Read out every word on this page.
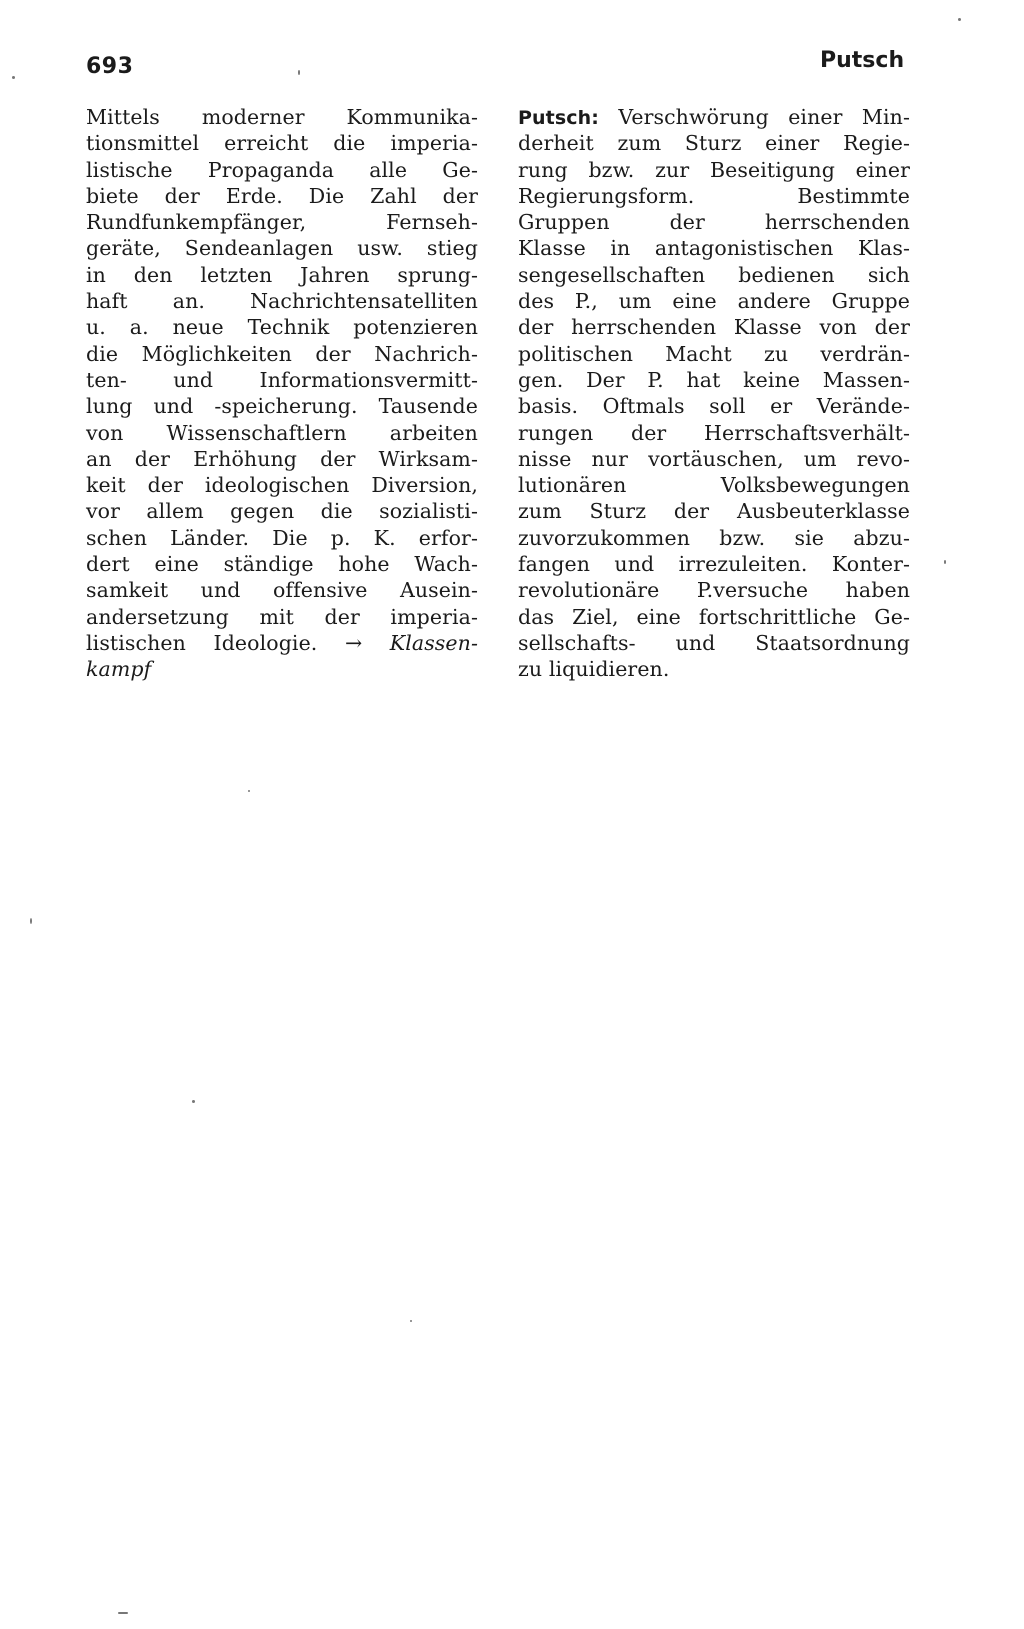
693	Putsch
Mittels moderner Kommunika-
tionsmittel erreicht die imperia-
listische Propaganda alle Ge-
biete der Erde. Die Zahl der
Rundfunkempfänger, Fernseh-
geräte, Sendeanlagen usw. stieg
in den letzten Jahren sprung-
haft an. Nachrichtensatelliten
u. a. neue Technik potenzieren
die Möglichkeiten der Nachrich-
ten- und Informationsvermitt-
lung und -speicherung. Tausende
von Wissenschaftlern arbeiten
an der Erhöhung der Wirksam-
keit der ideologischen Diversion,
vor allem gegen die sozialisti-
schen Länder. Die p. K. erfor-
dert eine ständige hohe Wach-
samkeit und offensive Ausein-
andersetzung mit der imperia-
listischen Ideologie. → Klassen-
kampf
Putsch: Verschwörung einer Min-
derheit zum Sturz einer Regie-
rung bzw. zur Beseitigung einer
Regierungsform. Bestimmte
Gruppen der herrschenden
Klasse in antagonistischen Klas-
sengesellschaften bedienen sich
des P., um eine andere Gruppe
der herrschenden Klasse von der
politischen Macht zu verdrän-
gen. Der P. hat keine Massen-
basis. Oftmals soll er Verände-
rungen der Herrschaftsverhält-
nisse nur vortäuschen, um revo-
lutionären Volksbewegungen
zum Sturz der Ausbeuterklasse
zuvorzukommen bzw. sie abzu-
fangen und irrezuleiten. Konter-
revolutionäre P.versuche haben
das Ziel, eine fortschrittliche Ge-
sellschafts- und Staatsordnung
zu liquidieren.
